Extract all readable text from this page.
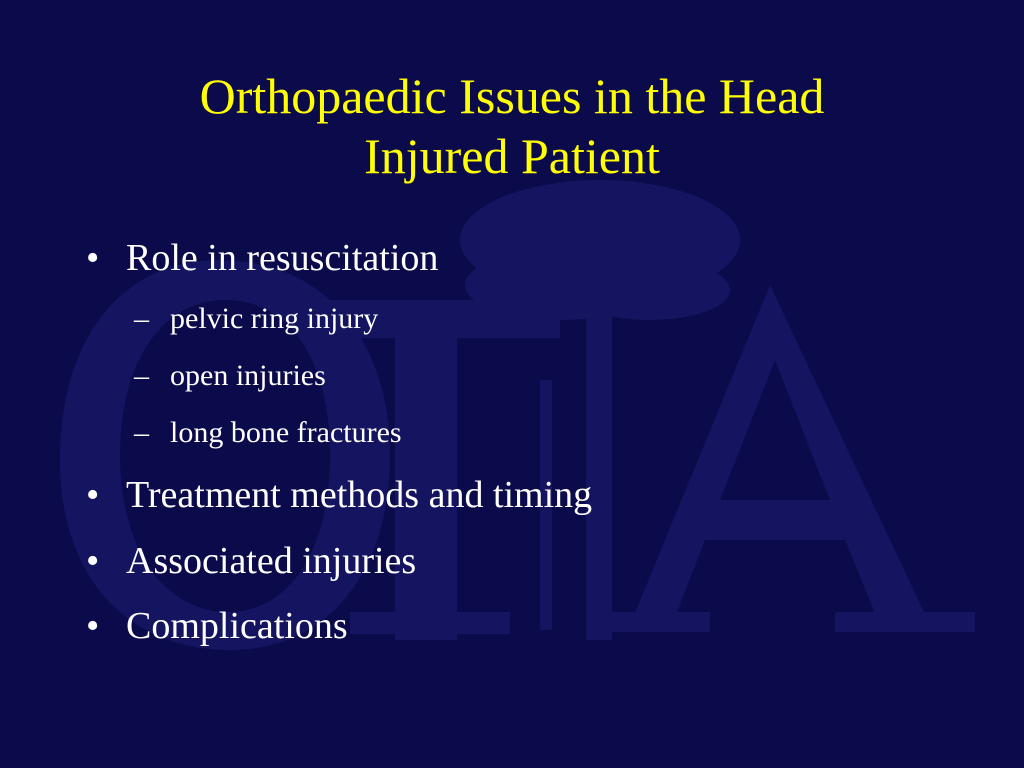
Orthopaedic Issues in the Head
Injured Patient
• Role in resuscitation
– pelvic ring injury
– open injuries
– long bone fractures
• Treatment methods and timing
• Associated injuries
• Complications
